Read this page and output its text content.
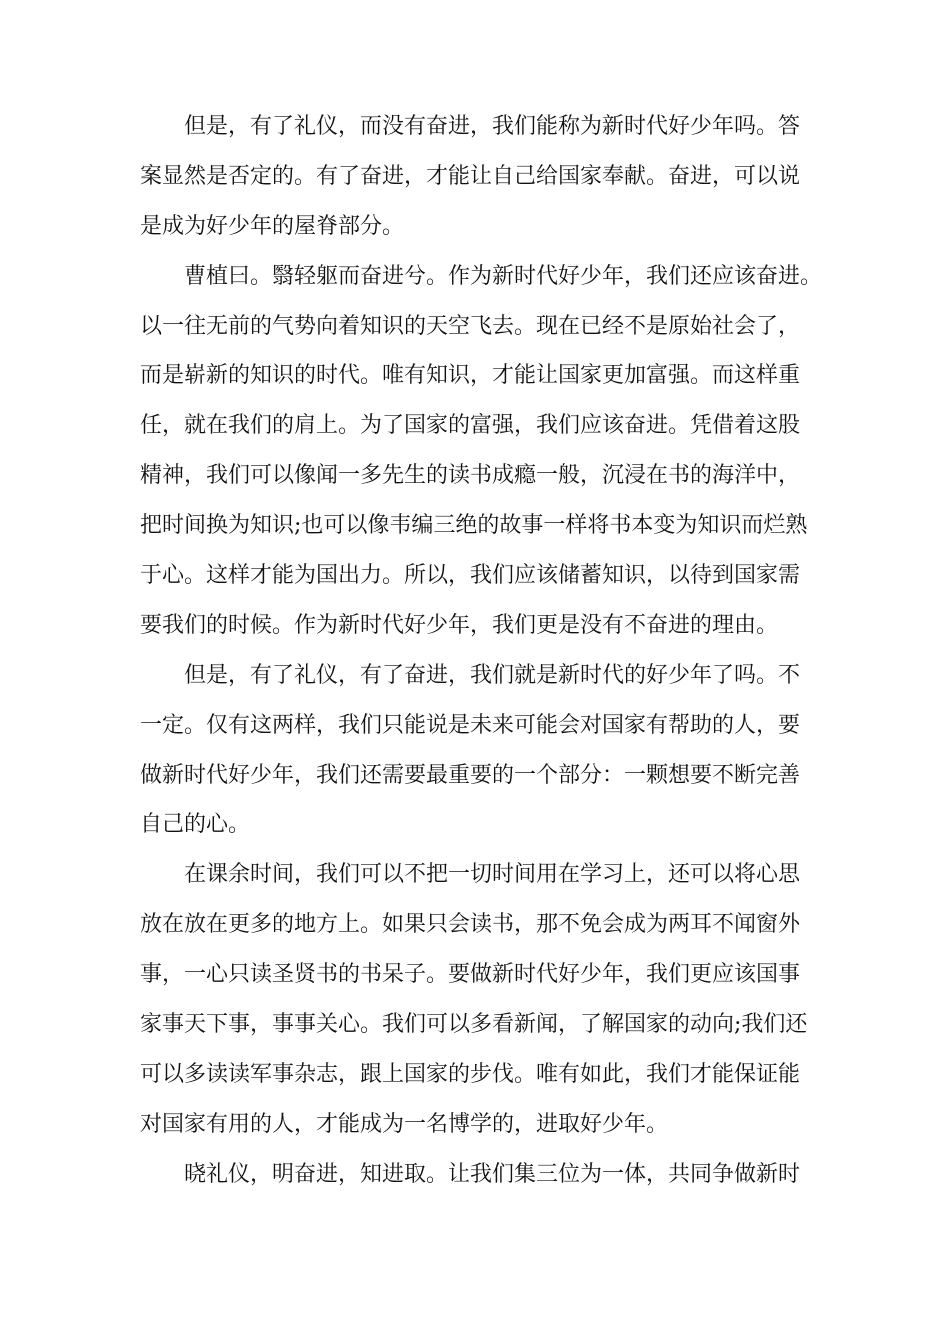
但是，有了礼仪，而没有奋进，我们能称为新时代好少年吗。答
案显然是否定的。有了奋进，才能让自己给国家奉献。奋进，可以说
是成为好少年的屋脊部分。
曹植曰。翳轻躯而奋进兮。作为新时代好少年，我们还应该奋进。
以一往无前的气势向着知识的天空飞去。现在已经不是原始社会了，
而是崭新的知识的时代。唯有知识，才能让国家更加富强。而这样重
任，就在我们的肩上。为了国家的富强，我们应该奋进。凭借着这股
精神，我们可以像闻一多先生的读书成瘾一般，沉浸在书的海洋中，
把时间换为知识;也可以像韦编三绝的故事一样将书本变为知识而烂熟
于心。这样才能为国出力。所以，我们应该储蓄知识，以待到国家需
要我们的时候。作为新时代好少年，我们更是没有不奋进的理由。
但是，有了礼仪，有了奋进，我们就是新时代的好少年了吗。不
一定。仅有这两样，我们只能说是未来可能会对国家有帮助的人，要
做新时代好少年，我们还需要最重要的一个部分：一颗想要不断完善
自己的心。
在课余时间，我们可以不把一切时间用在学习上，还可以将心思
放在放在更多的地方上。如果只会读书，那不免会成为两耳不闻窗外
事，一心只读圣贤书的书呆子。要做新时代好少年，我们更应该国事
家事天下事，事事关心。我们可以多看新闻，了解国家的动向;我们还
可以多读读军事杂志，跟上国家的步伐。唯有如此，我们才能保证能
对国家有用的人，才能成为一名博学的，进取好少年。
晓礼仪，明奋进，知进取。让我们集三位为一体，共同争做新时
